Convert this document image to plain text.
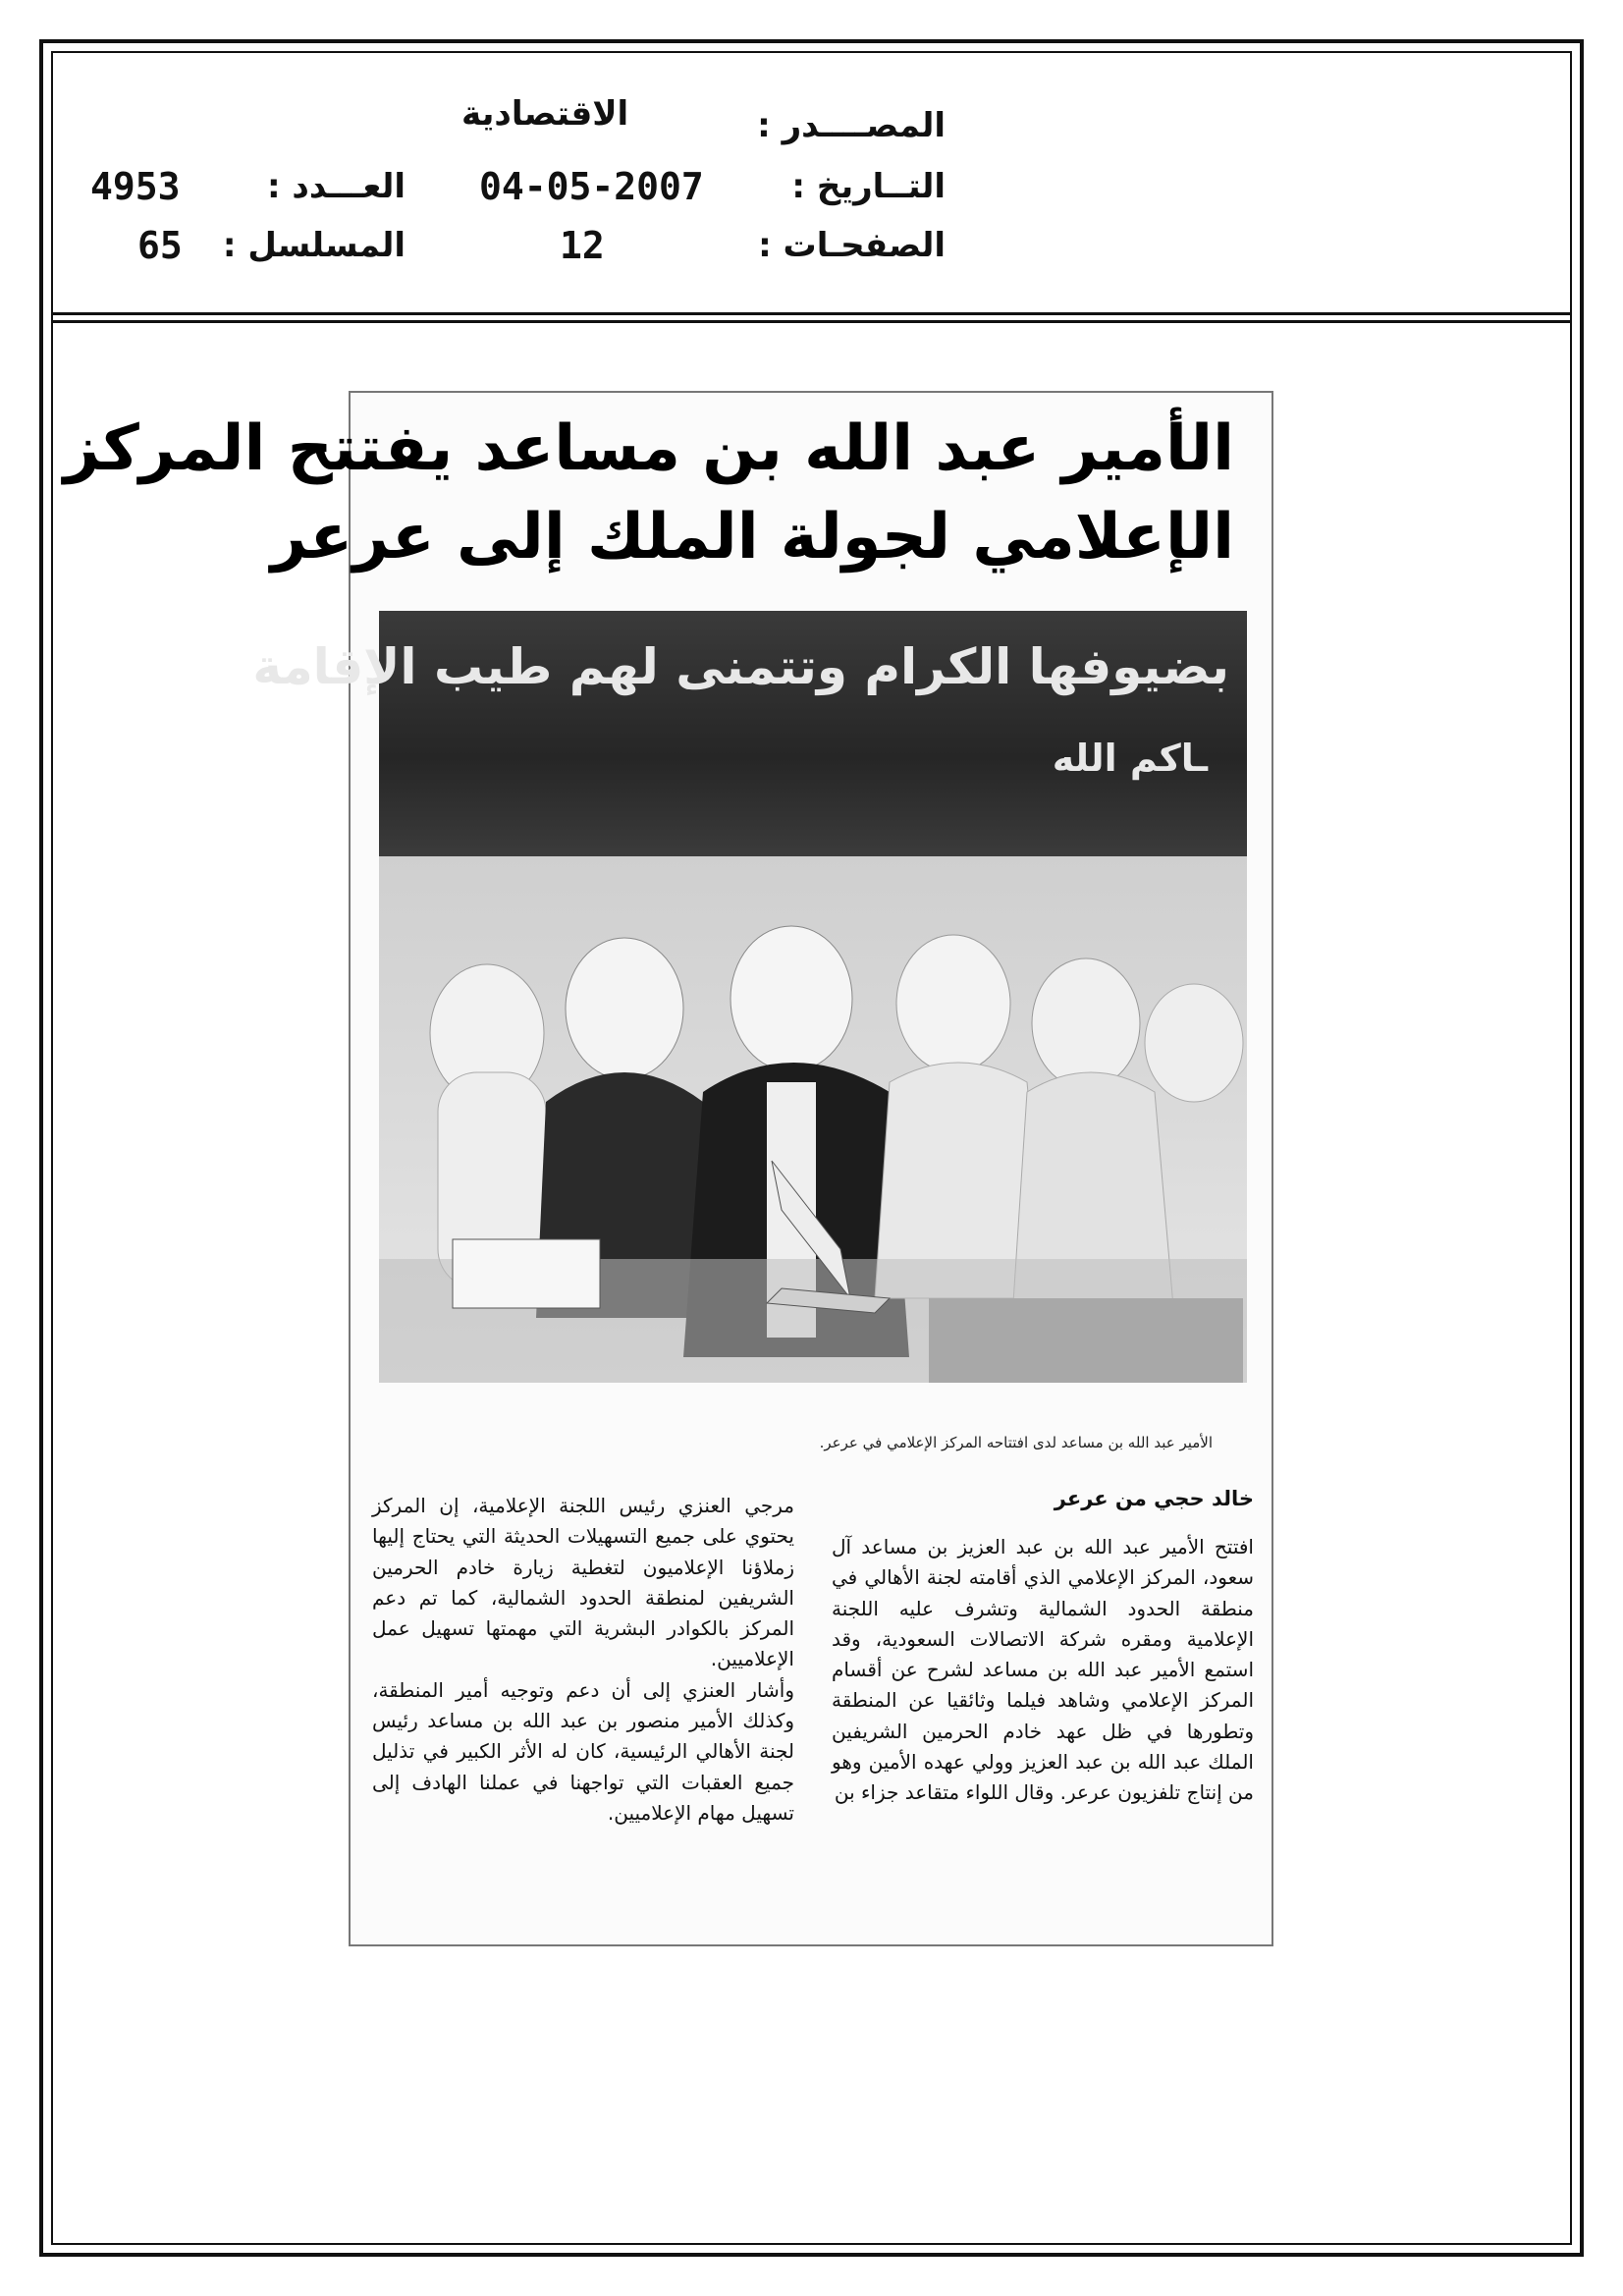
المصــــدر :
الاقتصادية
التــاريخ :
04-05-2007
الصفحـات :
12
العـــدد :
4953
المسلسل :
65
الأمير عبد الله بن مساعد يفتتح المركز
الإعلامي لجولة الملك إلى عرعر
بضيوفها الكرام وتتمنى لهم طيب الإقامة
ـاكم الله
الأمير عبد الله بن مساعد لدى افتتاحه المركز الإعلامي في عرعر.
خالد حجي من عرعر

افتتح الأمير عبد الله بن عبد العزيز بن مساعد آل سعود، المركز الإعلامي الذي أقامته لجنة الأهالي في منطقة الحدود الشمالية وتشرف عليه اللجنة الإعلامية ومقره شركة الاتصالات السعودية، وقد استمع الأمير عبد الله بن مساعد لشرح عن أقسام المركز الإعلامي وشاهد فيلما وثائقيا عن المنطقة وتطورها في ظل عهد خادم الحرمين الشريفين الملك عبد الله بن عبد العزيز وولي عهده الأمين وهو من إنتاج تلفزيون عرعر. وقال اللواء متقاعد جزاء بن

مرجي العنزي رئيس اللجنة الإعلامية، إن المركز يحتوي على جميع التسهيلات الحديثة التي يحتاج إليها زملاؤنا الإعلاميون لتغطية زيارة خادم الحرمين الشريفين لمنطقة الحدود الشمالية، كما تم دعم المركز بالكوادر البشرية التي مهمتها تسهيل عمل الإعلاميين.

وأشار العنزي إلى أن دعم وتوجيه أمير المنطقة، وكذلك الأمير منصور بن عبد الله بن مساعد رئيس لجنة الأهالي الرئيسية، كان له الأثر الكبير في تذليل جميع العقبات التي تواجهنا في عملنا الهادف إلى تسهيل مهام الإعلاميين.
